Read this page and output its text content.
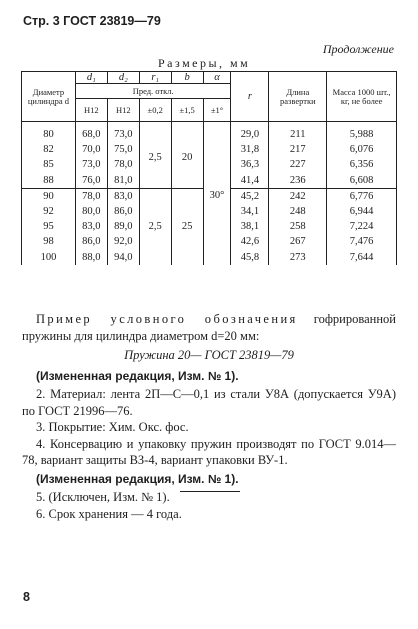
Стр. 3 ГОСТ 23819—79
Продолжение
Размеры, мм
Диаметр цилиндра d	d₁	d₂	r₁	b	α	r	Длина развертки	Масса 1000 шт., кг, не более
	Пред. откл.							
	H12	H12	±0,2	±1,5	±1°			

80	68,0	73,0	2,5	20	30°	29,0	211	5,988
82	70,0	75,0				31,8	217	6,076
85	73,0	78,0				36,3	227	6,356
88	76,0	81,0				41,4	236	6,608
90	78,0	83,0	2,5	25		45,2	242	6,776
92	80,0	86,0				34,1	248	6,944
95	83,0	89,0				38,1	258	7,224
98	86,0	92,0				42,6	267	7,476
100	88,0	94,0				45,8	273	7,644

Пример условного обозначения гофрированной пружины для цилиндра диаметром d=20 мм:

Пружина 20— ГОСТ 23819—79

(Измененная редакция, Изм. № 1).

2. Материал: лента 2П—С—0,1 из стали У8А (допускается У9А) по ГОСТ 21996—76.

3. Покрытие: Хим. Окс. фос.

4. Консервацию и упаковку пружин производят по ГОСТ 9.014—78, вариант защиты ВЗ-4, вариант упаковки ВУ-1.

(Измененная редакция, Изм. № 1).

5. (Исключен, Изм. № 1).

6. Срок хранения — 4 года.

8
